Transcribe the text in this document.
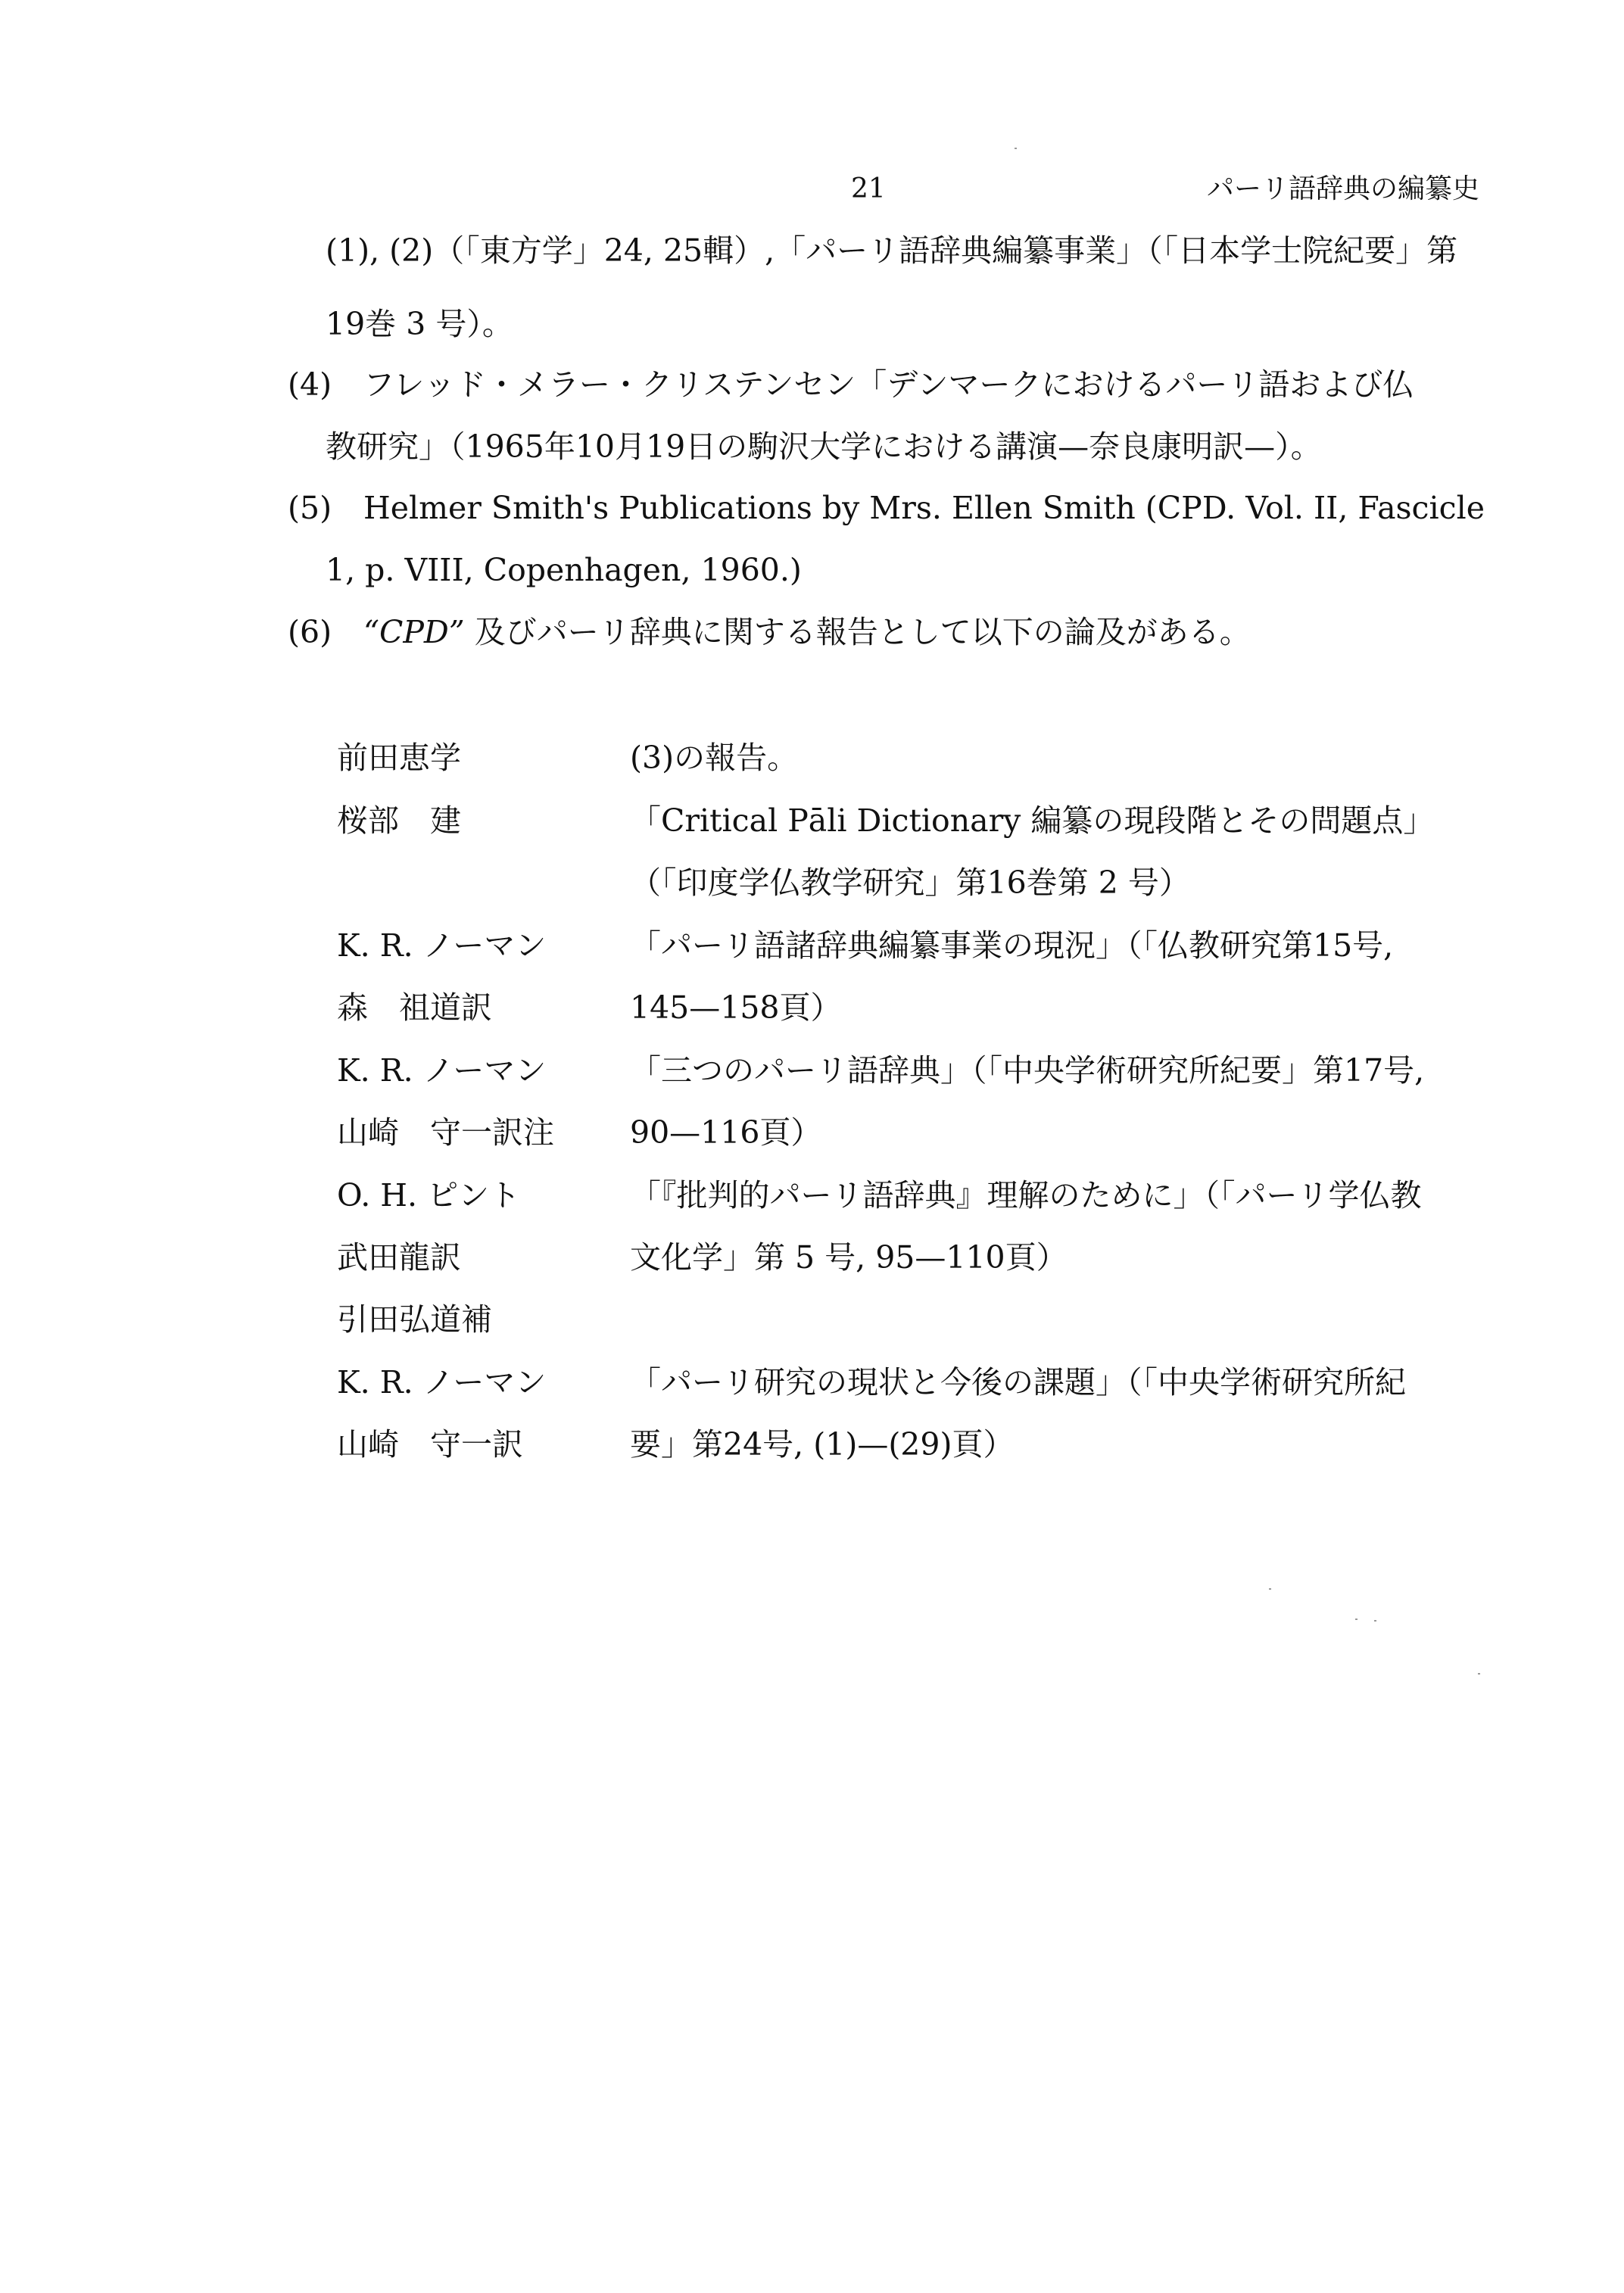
21	パーリ語辞典の編纂史
(1), (2)（「東方学」24, 25輯）,「パーリ語辞典編纂事業」（「日本学士院紀要」第
19巻 3 号）。
(4) フレッド・メラー・クリステンセン「デンマークにおけるパーリ語および仏
教研究」（1965年10月19日の駒沢大学における講演—奈良康明訳—）。
(5) Helmer Smith's Publications by Mrs. Ellen Smith (CPD. Vol. II, Fascicle
1, p. VIII, Copenhagen, 1960.)
(6) “CPD” 及びパーリ辞典に関する報告として以下の論及がある。
前田恵学	(3)の報告。
桜部　建	「Critical Pāli Dictionary 編纂の現段階とその問題点」
（「印度学仏教学研究」第16巻第 2 号）
K. R. ノーマン	「パーリ語諸辞典編纂事業の現況」（「仏教研究第15号,
森　祖道訳	145—158頁）
K. R. ノーマン	「三つのパーリ語辞典」（「中央学術研究所紀要」第17号,
山崎　守一訳注 90—116頁）
O. H. ピント	「『批判的パーリ語辞典』理解のために」（「パーリ学仏教
武田龍訳	文化学」第 5 号, 95—110頁）
引田弘道補
K. R. ノーマン	「パーリ研究の現状と今後の課題」（「中央学術研究所紀
山崎　守一訳	要」第24号, (1)—(29)頁）
